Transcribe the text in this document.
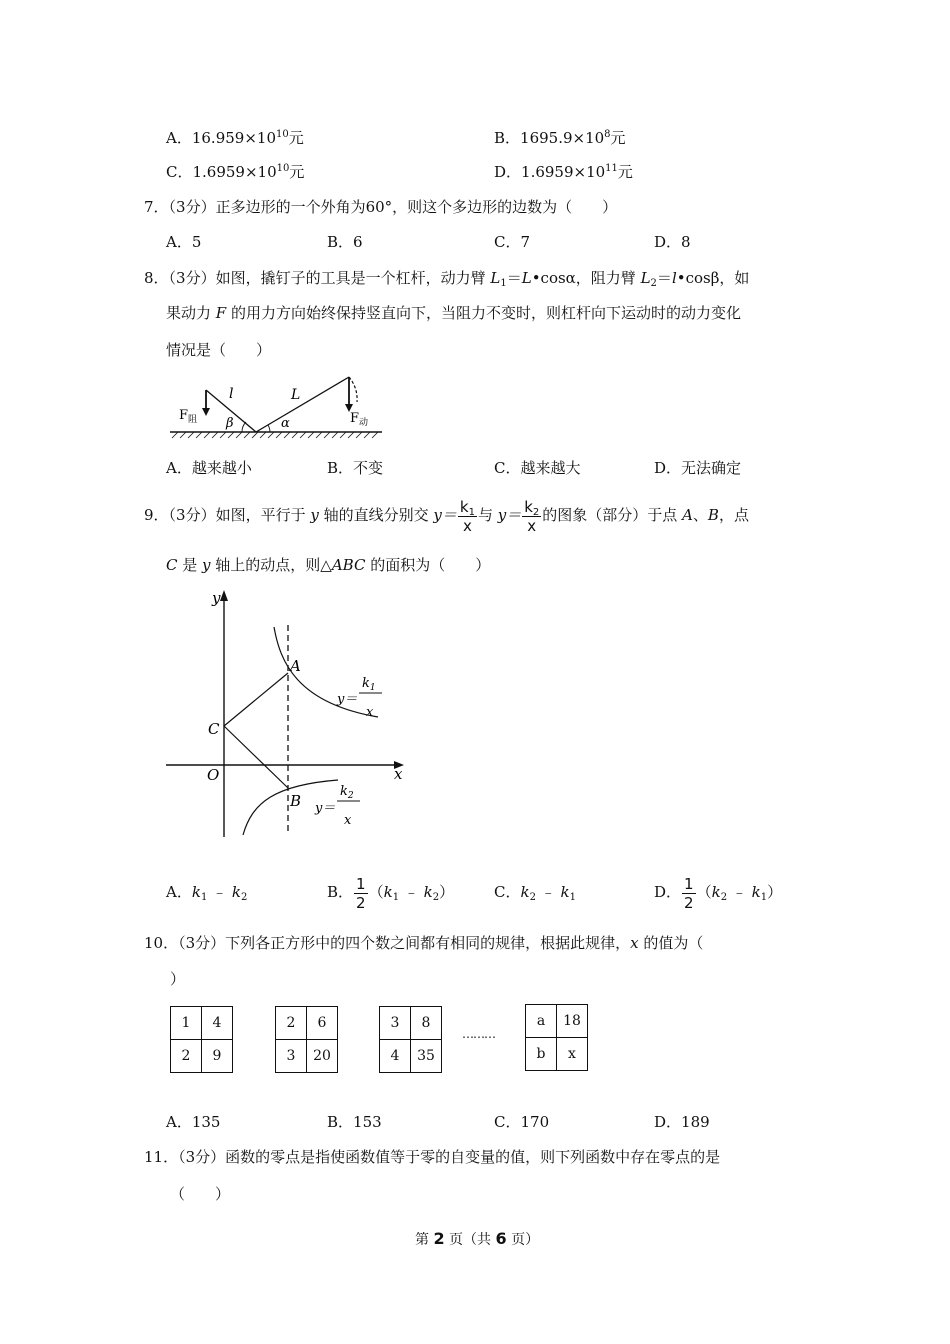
A．$16.959\times 10^{10}$元	B．$1695.9\times 10^8$元
C．$1.6959\times 10^{10}$元	D．$1.6959\times 10^{11}$元
7．（3分）正多边形的一个外角为60°，则这个多边形的边数为（　　）
A．5	B．6	C．7	D．8
8．（3分）如图，撬钉子的工具是一个杠杆，动力臂 $L_1=L•\cos\alpha$，阻力臂 $L_2=l•\cos\beta$，如
果动力 F 的用力方向始终保持竖直向下，当阻力不变时，则杠杆向下运动时的动力变化
情况是（　　）
$F_阻$
l	L
β	α	$F_动$
A．越来越小	B．不变	C．越来越大	D．无法确定
9．（3分）如图，平行于 y 轴的直线分别交 $y= \frac{k_1}{x}$ 与 $y= \frac{k_2}{x}$ 的图象（部分）于点 A、B，点
C 是 y 轴上的动点，则△ABC 的面积为（　　）
y
x
O
C
A
B
y＝
$k_1$
x
y＝
$k_2$
x
A．$k_1$ ﹣ $k_2$	B． $\frac{1}{2} (k_1$ ﹣ $k_2$）	C．$k_2$ ﹣ $k_1$	D． $\frac{1}{2} (k_2$ ﹣ $k_1$）
10．（3分）下列各正方形中的四个数之间都有相同的规律，根据此规律，x 的值为（
）
1	4
2	9
2	6
3	20
3	8
4	35
………
a	18
b	x
A．135	B．153	C．170	D．189
11．（3分）函数的零点是指使函数值等于零的自变量的值，则下列函数中存在零点的是
（　　）
第 2 页（共 6 页）
